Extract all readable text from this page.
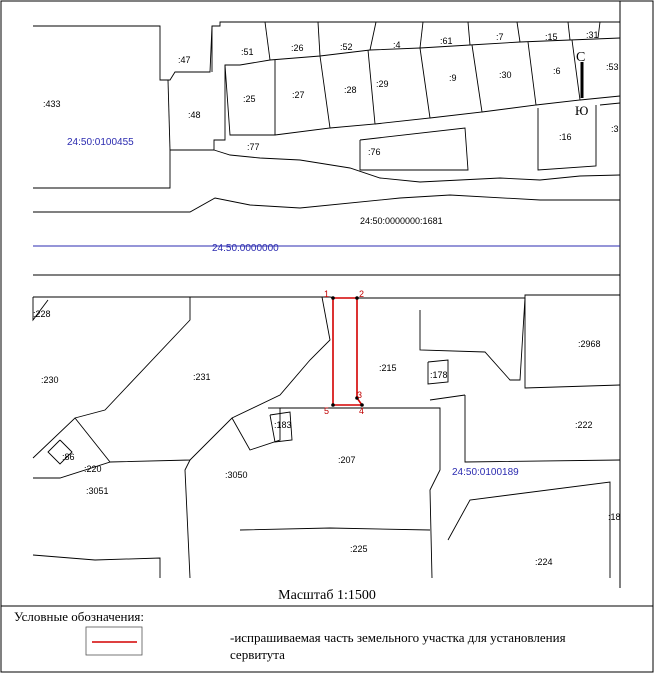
1	2
3
4
5
:433
:47
:48
:51	:26	:52	:4	:61	:7	:15	:31
:25	:27	:28
:29
:9	:30	:6	:53
:16
:3
:77	:76
24:50:0000000:1681
:228
:230	:231
:215
:178
:2968
:183	:222
:86
:220
:3051
:3050
:207
:18
:225
:224
24:50:0100455
24:50:0000000
24:50:0100189
С
Ю
Масштаб 1:1500
Условные обозначения:
-испрашиваемая часть земельного участка для установления сервитута
